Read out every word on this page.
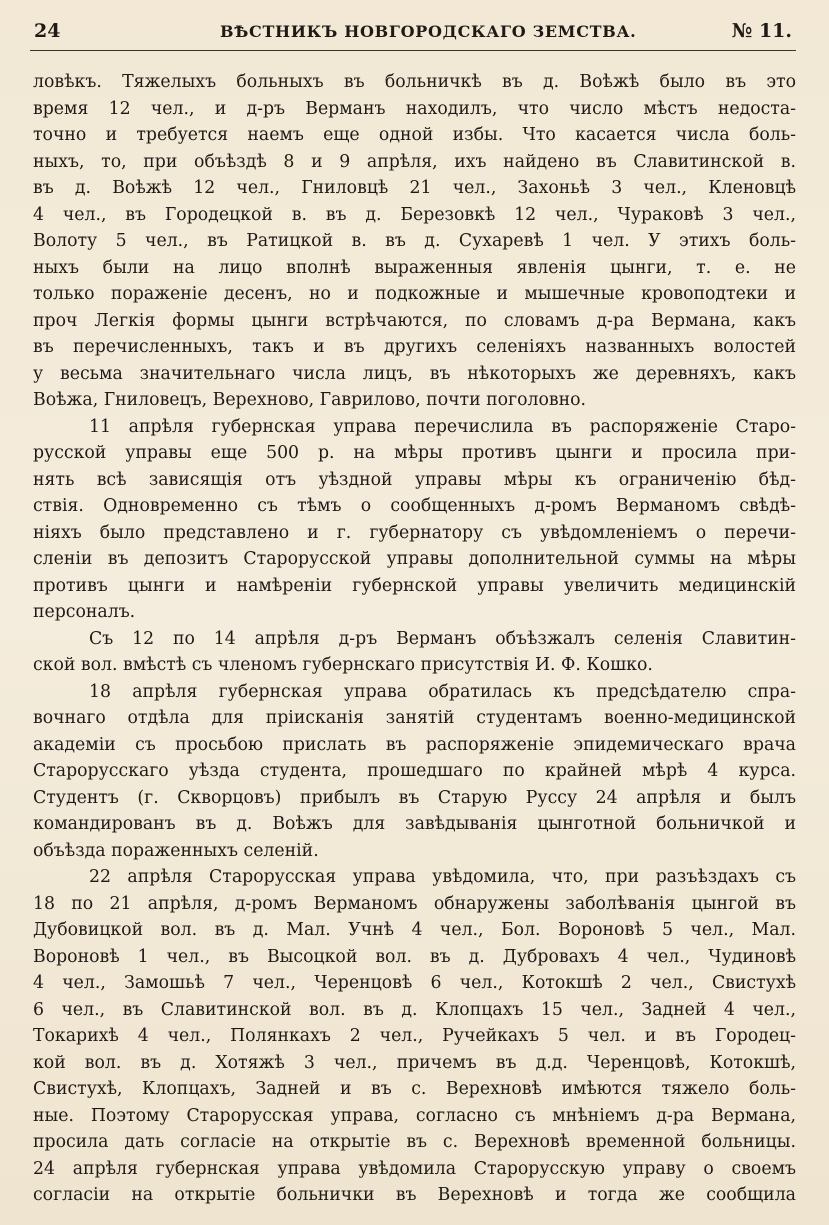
24	ВѢСТНИКЪ НОВГОРОДСКАГО ЗЕМСТВА.	№ 11.
ловѣкъ. Тяжелыхъ больныхъ въ больничкѣ въ д. Воѣжѣ было въ это
время 12 чел., и д-ръ Верманъ находилъ, что число мѣстъ недоста-
точно и требуется наемъ еще одной избы. Что касается числа боль-
ныхъ, то, при объѣздѣ 8 и 9 апрѣля, ихъ найдено въ Славитинской в.
въ д. Воѣжѣ 12 чел., Гниловцѣ 21 чел., Захоньѣ 3 чел., Кленовцѣ
4 чел., въ Городецкой в. въ д. Березовкѣ 12 чел., Чураковѣ 3 чел.,
Волоту 5 чел., въ Ратицкой в. въ д. Сухаревѣ 1 чел. У этихъ боль-
ныхъ были на лицо вполнѣ выраженныя явленія цынги, т. е. не
только пораженіе десенъ, но и подкожные и мышечные кровоподтеки и
проч Легкія формы цынги встрѣчаются, по словамъ д-ра Вермана, какъ
въ перечисленныхъ, такъ и въ другихъ селеніяхъ названныхъ волостей
у весьма значительнаго числа лицъ, въ нѣкоторыхъ же деревняхъ, какъ
Воѣжа, Гниловецъ, Верехново, Гаврилово, почти поголовно.
11 апрѣля губернская управа перечислила въ распоряженіе Старо-
русской управы еще 500 р. на мѣры противъ цынги и просила при-
нять всѣ зависящія отъ уѣздной управы мѣры къ ограниченію бѣд-
ствія. Одновременно съ тѣмъ о сообщенныхъ д-ромъ Верманомъ свѣдѣ-
ніяхъ было представлено и г. губернатору съ увѣдомленіемъ о перечи-
сленіи въ депозитъ Старорусской управы дополнительной суммы на мѣры
противъ цынги и намѣреніи губернской управы увеличить медицинскій
персоналъ.
Съ 12 по 14 апрѣля д-ръ Верманъ объѣзжалъ селенія Славитин-
ской вол. вмѣстѣ съ членомъ губернскаго присутствія И. Ф. Кошко.
18 апрѣля губернская управа обратилась къ предсѣдателю спра-
вочнаго отдѣла для пріисканія занятій студентамъ военно-медицинской
академіи съ просьбою прислать въ распоряженіе эпидемическаго врача
Старорусскаго уѣзда студента, прошедшаго по крайней мѣрѣ 4 курса.
Студентъ (г. Скворцовъ) прибылъ въ Старую Руссу 24 апрѣля и былъ
командированъ въ д. Воѣжъ для завѣдыванія цынготной больничкой и
объѣзда пораженныхъ селеній.
22 апрѣля Старорусская управа увѣдомила, что, при разъѣздахъ съ
18 по 21 апрѣля, д-ромъ Верманомъ обнаружены заболѣванія цынгой въ
Дубовицкой вол. въ д. Мал. Учнѣ 4 чел., Бол. Вороновѣ 5 чел., Мал.
Вороновѣ 1 чел., въ Высоцкой вол. въ д. Дубровахъ 4 чел., Чудиновѣ
4 чел., Замошьѣ 7 чел., Черенцовѣ 6 чел., Котокшѣ 2 чел., Свистухѣ
6 чел., въ Славитинской вол. въ д. Клопцахъ 15 чел., Задней 4 чел.,
Токарихѣ 4 чел., Полянкахъ 2 чел., Ручейкахъ 5 чел. и въ Городец-
кой вол. въ д. Хотяжѣ 3 чел., причемъ въ д.д. Черенцовѣ, Котокшѣ,
Свистухѣ, Клопцахъ, Задней и въ с. Верехновѣ имѣются тяжело боль-
ные. Поэтому Старорусская управа, согласно съ мнѣніемъ д-ра Вермана,
просила дать согласіе на открытіе въ с. Верехновѣ временной больницы.
24 апрѣля губернская управа увѣдомила Старорусскую управу о своемъ
согласіи на открытіе больнички въ Верехновѣ и тогда же сообщила
